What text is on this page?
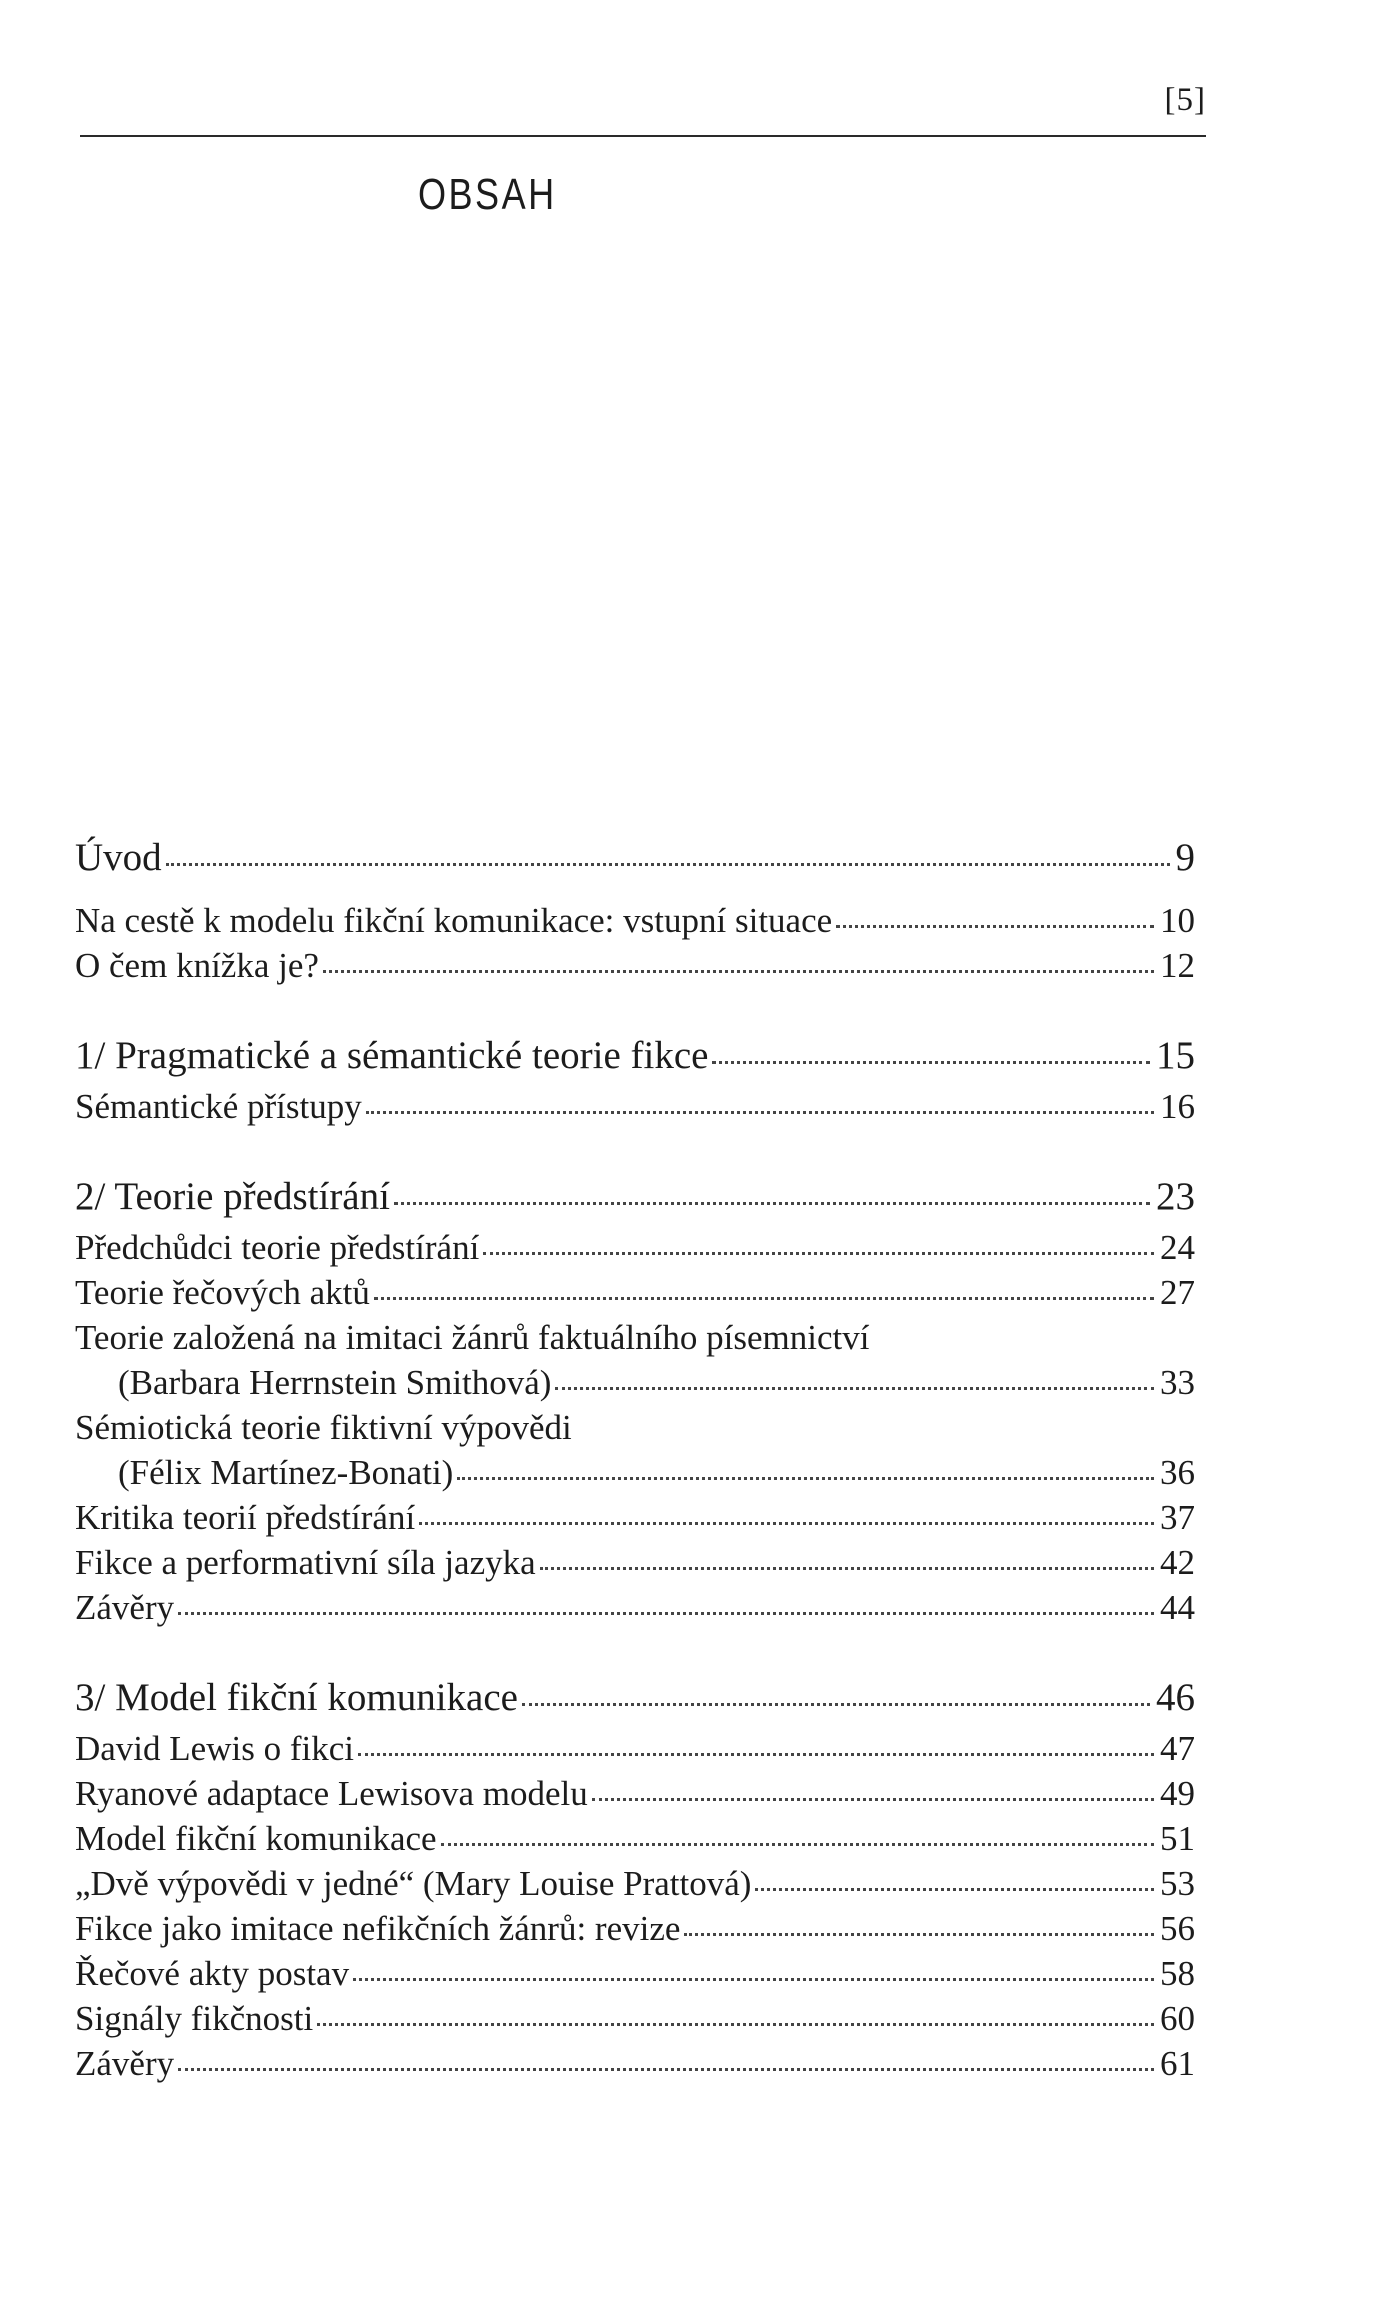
[5]
OBSAH
Úvod	9
Na cestě k modelu fikční komunikace: vstupní situace	10
O čem knížka je?	12
1/ Pragmatické a sémantické teorie fikce	15
Sémantické přístupy	16
2/ Teorie předstírání	23
Předchůdci teorie předstírání	24
Teorie řečových aktů	27
Teorie založená na imitaci žánrů faktuálního písemnictví
(Barbara Herrnstein Smithová)	33
Sémiotická teorie fiktivní výpovědi
(Félix Martínez-Bonati)	36
Kritika teorií předstírání	37
Fikce a performativní síla jazyka	42
Závěry	44
3/ Model fikční komunikace	46
David Lewis o fikci	47
Ryanové adaptace Lewisova modelu	49
Model fikční komunikace	51
„Dvě výpovědi v jedné“ (Mary Louise Prattová)	53
Fikce jako imitace nefikčních žánrů: revize	56
Řečové akty postav	58
Signály fikčnosti	60
Závěry	61
